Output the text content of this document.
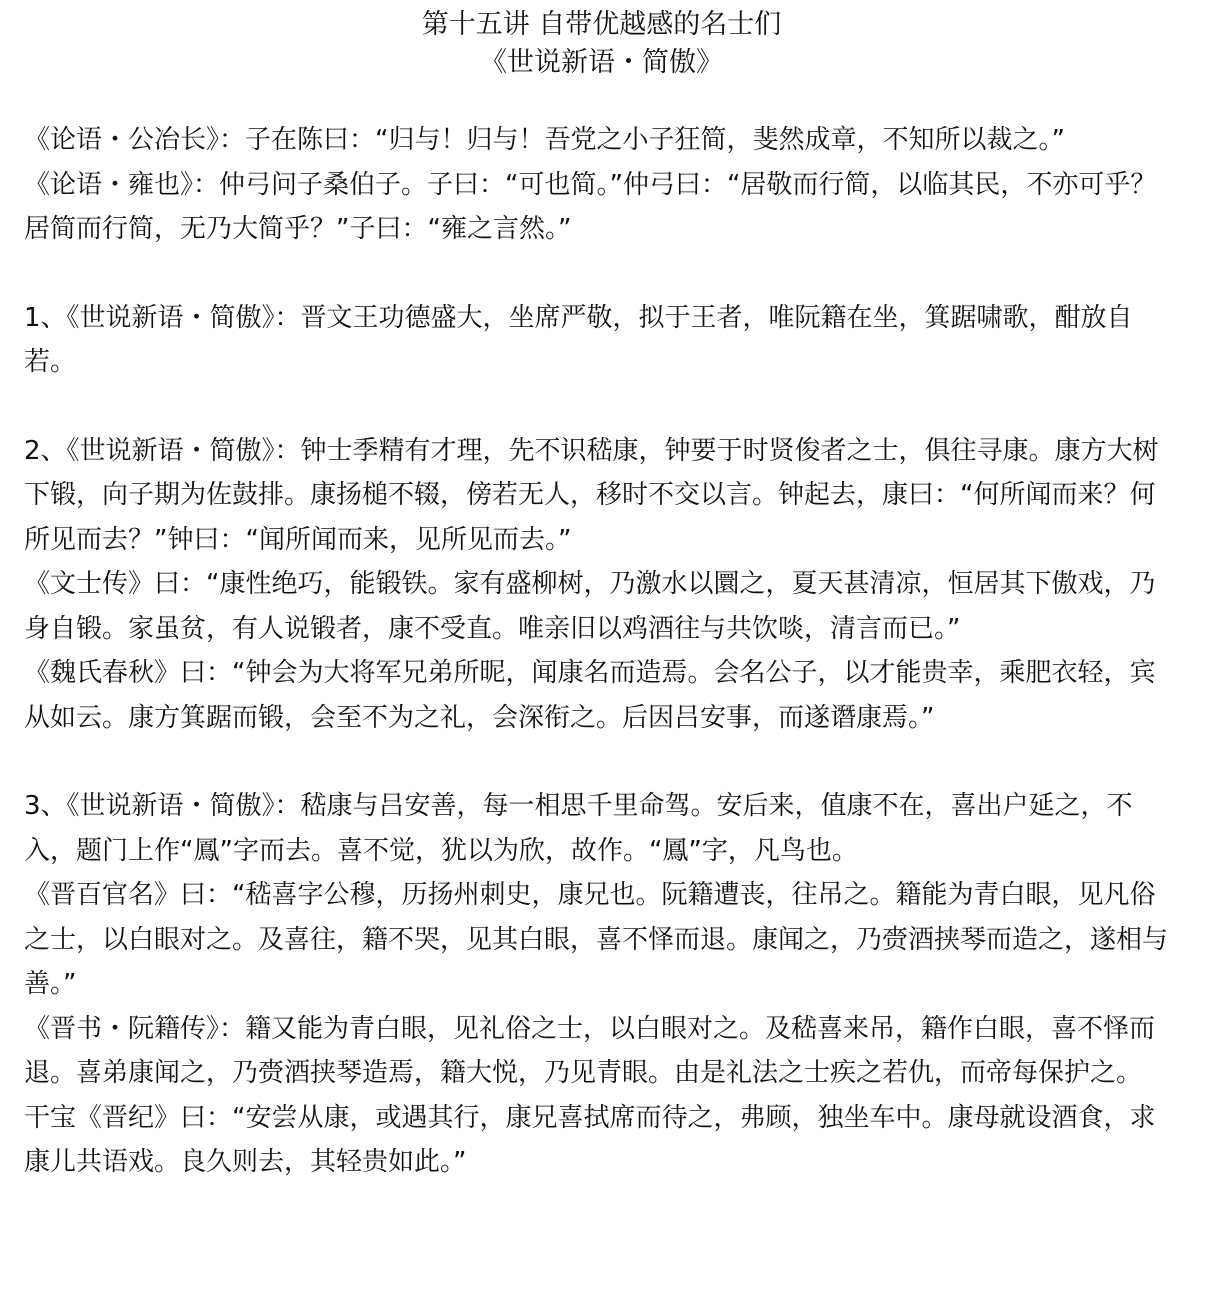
第十五讲 自带优越感的名士们
《世说新语・简傲》

《论语・公冶长》：子在陈曰：“归与！归与！吾党之小子狂简，斐然成章，不知所以裁之。”

《论语・雍也》：仲弓问子桑伯子。子曰：“可也简。”仲弓曰：“居敬而行简，以临其民，不亦可乎？居简而行简，无乃大简乎？”子曰：“雍之言然。”

1、《世说新语・简傲》：晋文王功德盛大，坐席严敬，拟于王者，唯阮籍在坐，箕踞啸歌，酣放自若。

2、《世说新语・简傲》：钟士季精有才理，先不识嵇康，钟要于时贤俊者之士，俱往寻康。康方大树下锻，向子期为佐鼓排。康扬槌不辍，傍若无人，移时不交以言。钟起去，康曰：“何所闻而来？何所见而去？”钟曰：“闻所闻而来，见所见而去。”

《文士传》曰：“康性绝巧，能锻铁。家有盛柳树，乃激水以圜之，夏天甚清凉，恒居其下傲戏，乃身自锻。家虽贫，有人说锻者，康不受直。唯亲旧以鸡酒往与共饮啖，清言而已。”

《魏氏春秋》曰：“钟会为大将军兄弟所昵，闻康名而造焉。会名公子，以才能贵幸，乘肥衣轻，宾从如云。康方箕踞而锻，会至不为之礼，会深衔之。后因吕安事，而遂谮康焉。”

3、《世说新语・简傲》：嵇康与吕安善，每一相思千里命驾。安后来，值康不在，喜出户延之，不入，题门上作“鳳”字而去。喜不觉，犹以为欣，故作。“鳳”字，凡鸟也。

《晋百官名》曰：“嵇喜字公穆，历扬州刺史，康兄也。阮籍遭丧，往吊之。籍能为青白眼，见凡俗之士，以白眼对之。及喜往，籍不哭，见其白眼，喜不怿而退。康闻之，乃赍酒挟琴而造之，遂相与善。”

《晋书・阮籍传》：籍又能为青白眼，见礼俗之士，以白眼对之。及嵇喜来吊，籍作白眼，喜不怿而退。喜弟康闻之，乃赍酒挟琴造焉，籍大悦，乃见青眼。由是礼法之士疾之若仇，而帝每保护之。

干宝《晋纪》曰：“安尝从康，或遇其行，康兄喜拭席而待之，弗顾，独坐车中。康母就设酒食，求康儿共语戏。良久则去，其轻贵如此。”
